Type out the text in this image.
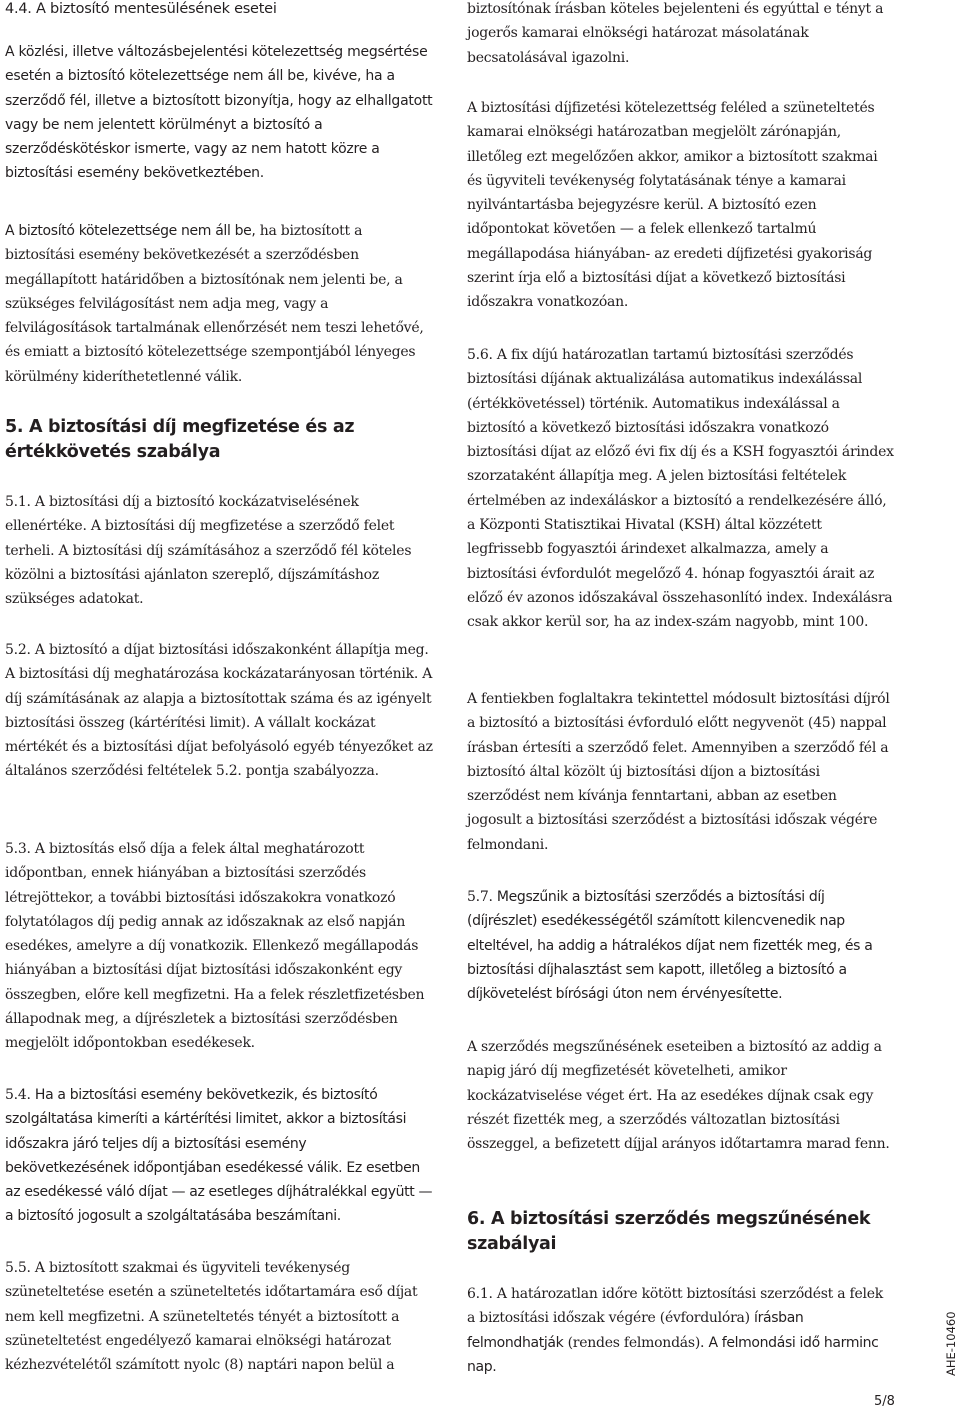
4.4. A biztosító mentesülésének esetei

A közlési, illetve változásbejelentési kötelezettség megsértése esetén a biztosító kötelezettsége nem áll be, kivéve, ha a szerződő fél, illetve a biztosított bizonyítja, hogy az elhallgatott vagy be nem jelentett körülményt a biztosító a szerződéskötéskor ismerte, vagy az nem hatott közre a biztosítási esemény bekövetkeztében.

A biztosító kötelezettsége nem áll be, ha biztosított a biztosítási esemény bekövetkezését a szerződésben megállapított határidőben a biztosítónak nem jelenti be, a szükséges felvilágosítást nem adja meg, vagy a felvilágosítások tartalmának ellenőrzését nem teszi lehetővé, és emiatt a biztosító kötelezettsége szempontjából lényeges körülmény kideríthetetlenné válik.

5. A biztosítási díj megfizetése és az értékkövetés szabálya

5.1. A biztosítási díj a biztosító kockázatviselésének ellenértéke. A biztosítási díj megfizetése a szerződő felet terheli. A biztosítási díj számításához a szerződő fél köteles közölni a biztosítási ajánlaton szereplő, díjszámításhoz szükséges adatokat.

5.2. A biztosító a díjat biztosítási időszakonként állapítja meg. A biztosítási díj meghatározása kockázatarányosan történik. A díj számításának az alapja a biztosítottak száma és az igényelt biztosítási összeg (kártérítési limit). A vállalt kockázat mértékét és a biztosítási díjat befolyásoló egyéb tényezőket az általános szerződési feltételek 5.2. pontja szabályozza.

5.3. A biztosítás első díja a felek által meghatározott időpontban, ennek hiányában a biztosítási szerződés létrejöttekor, a további biztosítási időszakokra vonatkozó folytatólagos díj pedig annak az időszaknak az első napján esedékes, amelyre a díj vonatkozik. Ellenkező megállapodás hiányában a biztosítási díjat biztosítási időszakonként egy összegben, előre kell megfizetni. Ha a felek részletfizetésben állapodnak meg, a díjrészletek a biztosítási szerződésben megjelölt időpontokban esedékesek.

5.4. Ha a biztosítási esemény bekövetkezik, és biztosító szolgáltatása kimeríti a kártérítési limitet, akkor a biztosítási időszakra járó teljes díj a biztosítási esemény bekövetkezésének időpontjában esedékessé válik. Ez esetben az esedékessé váló díjat — az esetleges díjhátralékkal együtt — a biztosító jogosult a szolgáltatásába beszámítani.

5.5. A biztosított szakmai és ügyviteli tevékenység szüneteltetése esetén a szüneteltetés időtartamára eső díjat nem kell megfizetni. A szüneteltetés tényét a biztosított a szüneteltetést engedélyező kamarai elnökségi határozat kézhezvételétől számított nyolc (8) naptári napon belül a

biztosítónak írásban köteles bejelenteni és egyúttal e tényt a jogerős kamarai elnökségi határozat másolatának becsatolásával igazolni.

A biztosítási díjfizetési kötelezettség feléled a szüneteltetés kamarai elnökségi határozatban megjelölt zárónapján, illetőleg ezt megelőzően akkor, amikor a biztosított szakmai és ügyviteli tevékenység folytatásának ténye a kamarai nyilvántartásba bejegyzésre kerül. A biztosító ezen időpontokat követően — a felek ellenkező tartalmú megállapodása hiányában- az eredeti díjfizetési gyakoriság szerint írja elő a biztosítási díjat a következő biztosítási időszakra vonatkozóan.

5.6. A fix díjú határozatlan tartamú biztosítási szerződés biztosítási díjának aktualizálása automatikus indexálással (értékkövetéssel) történik. Automatikus indexálással a biztosító a következő biztosítási időszakra vonatkozó biztosítási díjat az előző évi fix díj és a KSH fogyasztói árindex szorzataként állapítja meg. A jelen biztosítási feltételek értelmében az indexáláskor a biztosító a rendelkezésére álló, a Központi Statisztikai Hivatal (KSH) által közzétett legfrissebb fogyasztói árindexet alkalmazza, amely a biztosítási évfordulót megelőző 4. hónap fogyasztói árait az előző év azonos időszakával összehasonlító index. Indexálásra csak akkor kerül sor, ha az index-szám nagyobb, mint 100.

A fentiekben foglaltakra tekintettel módosult biztosítási díjról a biztosító a biztosítási évforduló előtt negyvenöt (45) nappal írásban értesíti a szerződő felet. Amennyiben a szerződő fél a biztosító által közölt új biztosítási díjon a biztosítási szerződést nem kívánja fenntartani, abban az esetben jogosult a biztosítási szerződést a biztosítási időszak végére felmondani.

5.7. Megszűnik a biztosítási szerződés a biztosítási díj (díjrészlet) esedékességétől számított kilencvenedik nap elteltével, ha addig a hátralékos díjat nem fizették meg, és a biztosítási díjhalasztást sem kapott, illetőleg a biztosító a díjkövetelést bírósági úton nem érvényesítette.

A szerződés megszűnésének eseteiben a biztosító az addig a napig járó díj megfizetését követelheti, amikor kockázatviselése véget ért. Ha az esedékes díjnak csak egy részét fizették meg, a szerződés változatlan biztosítási összeggel, a befizetett díjjal arányos időtartamra marad fenn.

6. A biztosítási szerződés megszűnésének szabályai

6.1. A határozatlan időre kötött biztosítási szerződést a felek a biztosítási időszak végére (évfordulóra) írásban felmondhatják (rendes felmondás). A felmondási idő harminc nap.

5/8
AHE-10460
